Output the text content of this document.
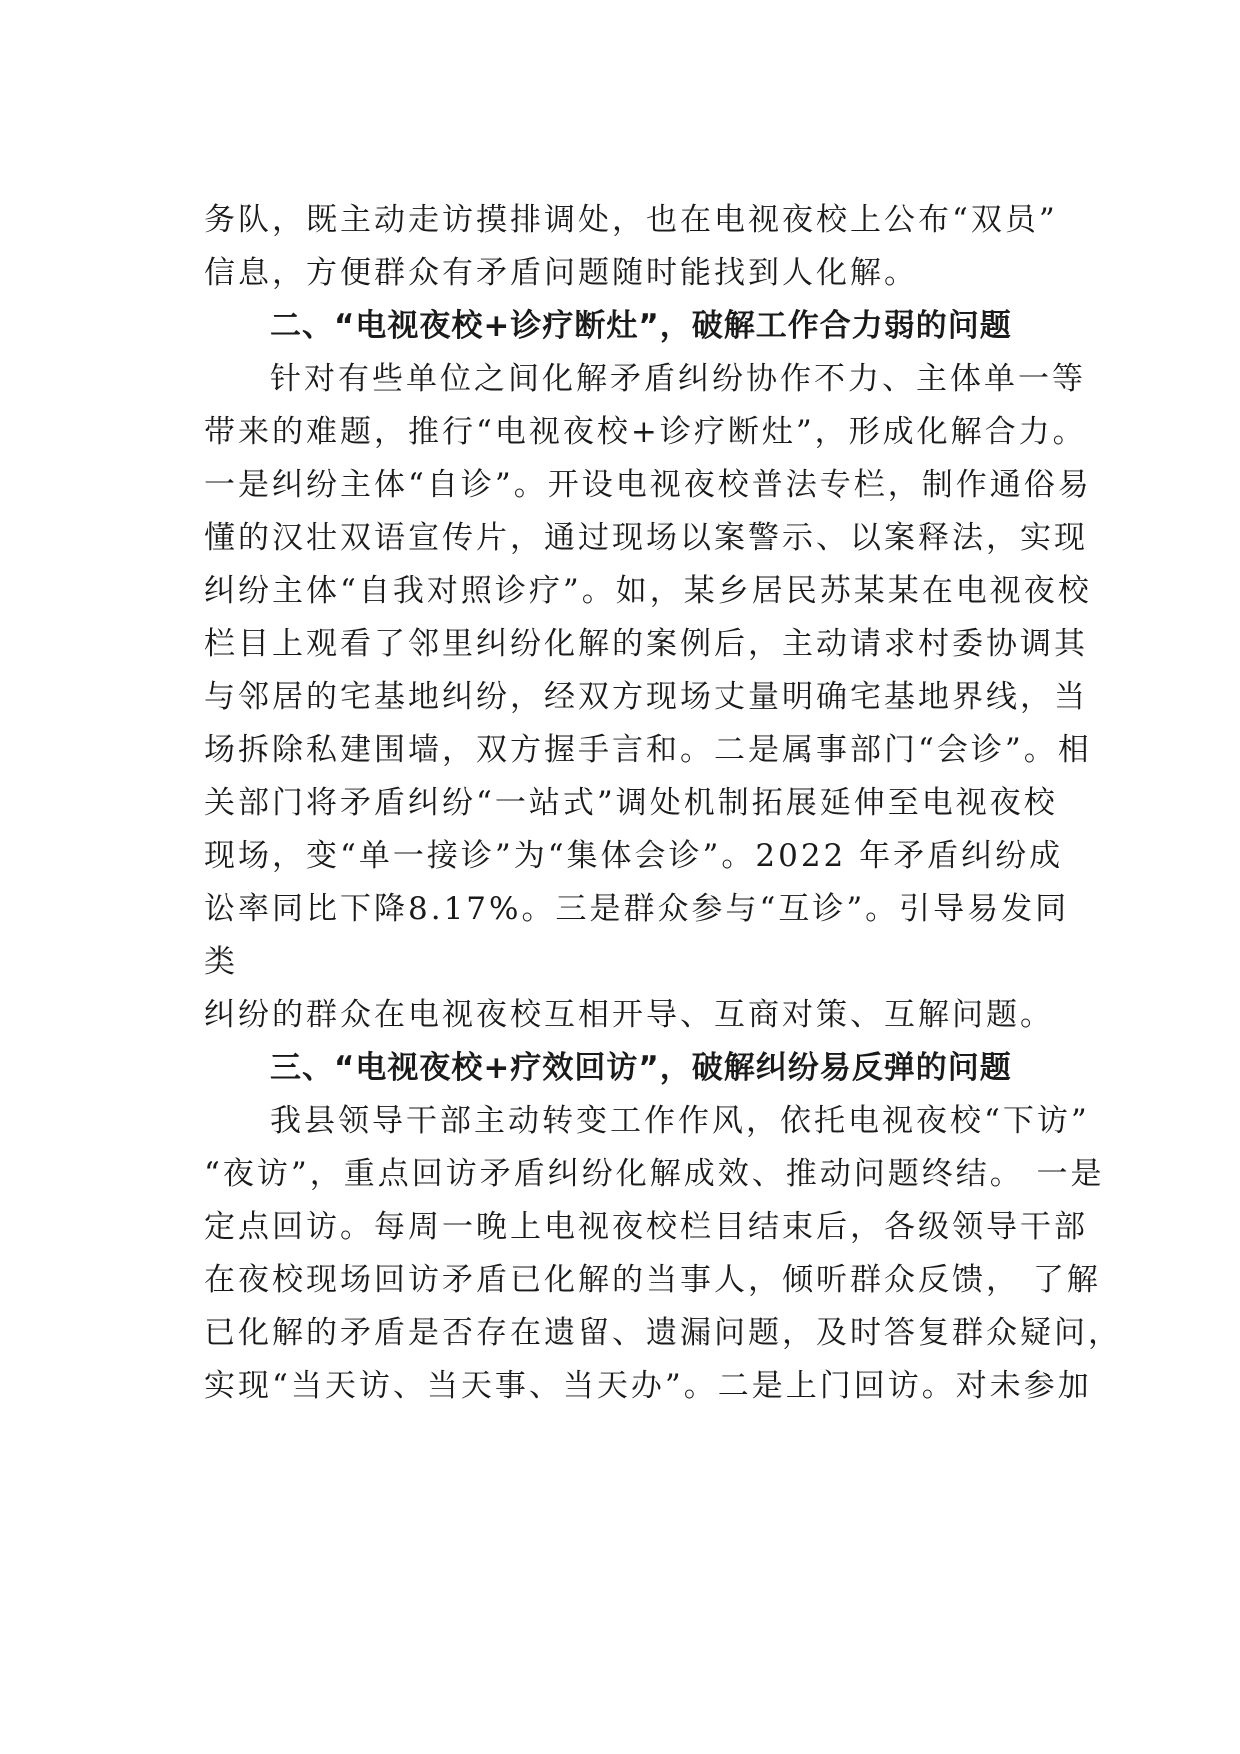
务队，既主动走访摸排调处，也在电视夜校上公布“双员”
信息，方便群众有矛盾问题随时能找到人化解。
二、“电视夜校+诊疗断灶”，破解工作合力弱的问题
针对有些单位之间化解矛盾纠纷协作不力、主体单一等
带来的难题，推行“电视夜校+诊疗断灶”，形成化解合力。
一是纠纷主体“自诊”。开设电视夜校普法专栏，制作通俗易
懂的汉壮双语宣传片，通过现场以案警示、以案释法，实现
纠纷主体“自我对照诊疗”。如，某乡居民苏某某在电视夜校
栏目上观看了邻里纠纷化解的案例后，主动请求村委协调其
与邻居的宅基地纠纷，经双方现场丈量明确宅基地界线，当
场拆除私建围墙，双方握手言和。二是属事部门“会诊”。相
关部门将矛盾纠纷“一站式”调处机制拓展延伸至电视夜校
现场，变“单一接诊”为“集体会诊”。2022 年矛盾纠纷成
讼率同比下降8.17%。三是群众参与“互诊”。引导易发同
类
纠纷的群众在电视夜校互相开导、互商对策、互解问题。
三、“电视夜校+疗效回访”，破解纠纷易反弹的问题
我县领导干部主动转变工作作风，依托电视夜校“下访”
“夜访”，重点回访矛盾纠纷化解成效、推动问题终结。 一是
定点回访。每周一晚上电视夜校栏目结束后，各级领导干部
在夜校现场回访矛盾已化解的当事人，倾听群众反馈， 了解
已化解的矛盾是否存在遗留、遗漏问题，及时答复群众疑问，
实现“当天访、当天事、当天办”。二是上门回访。对未参加
